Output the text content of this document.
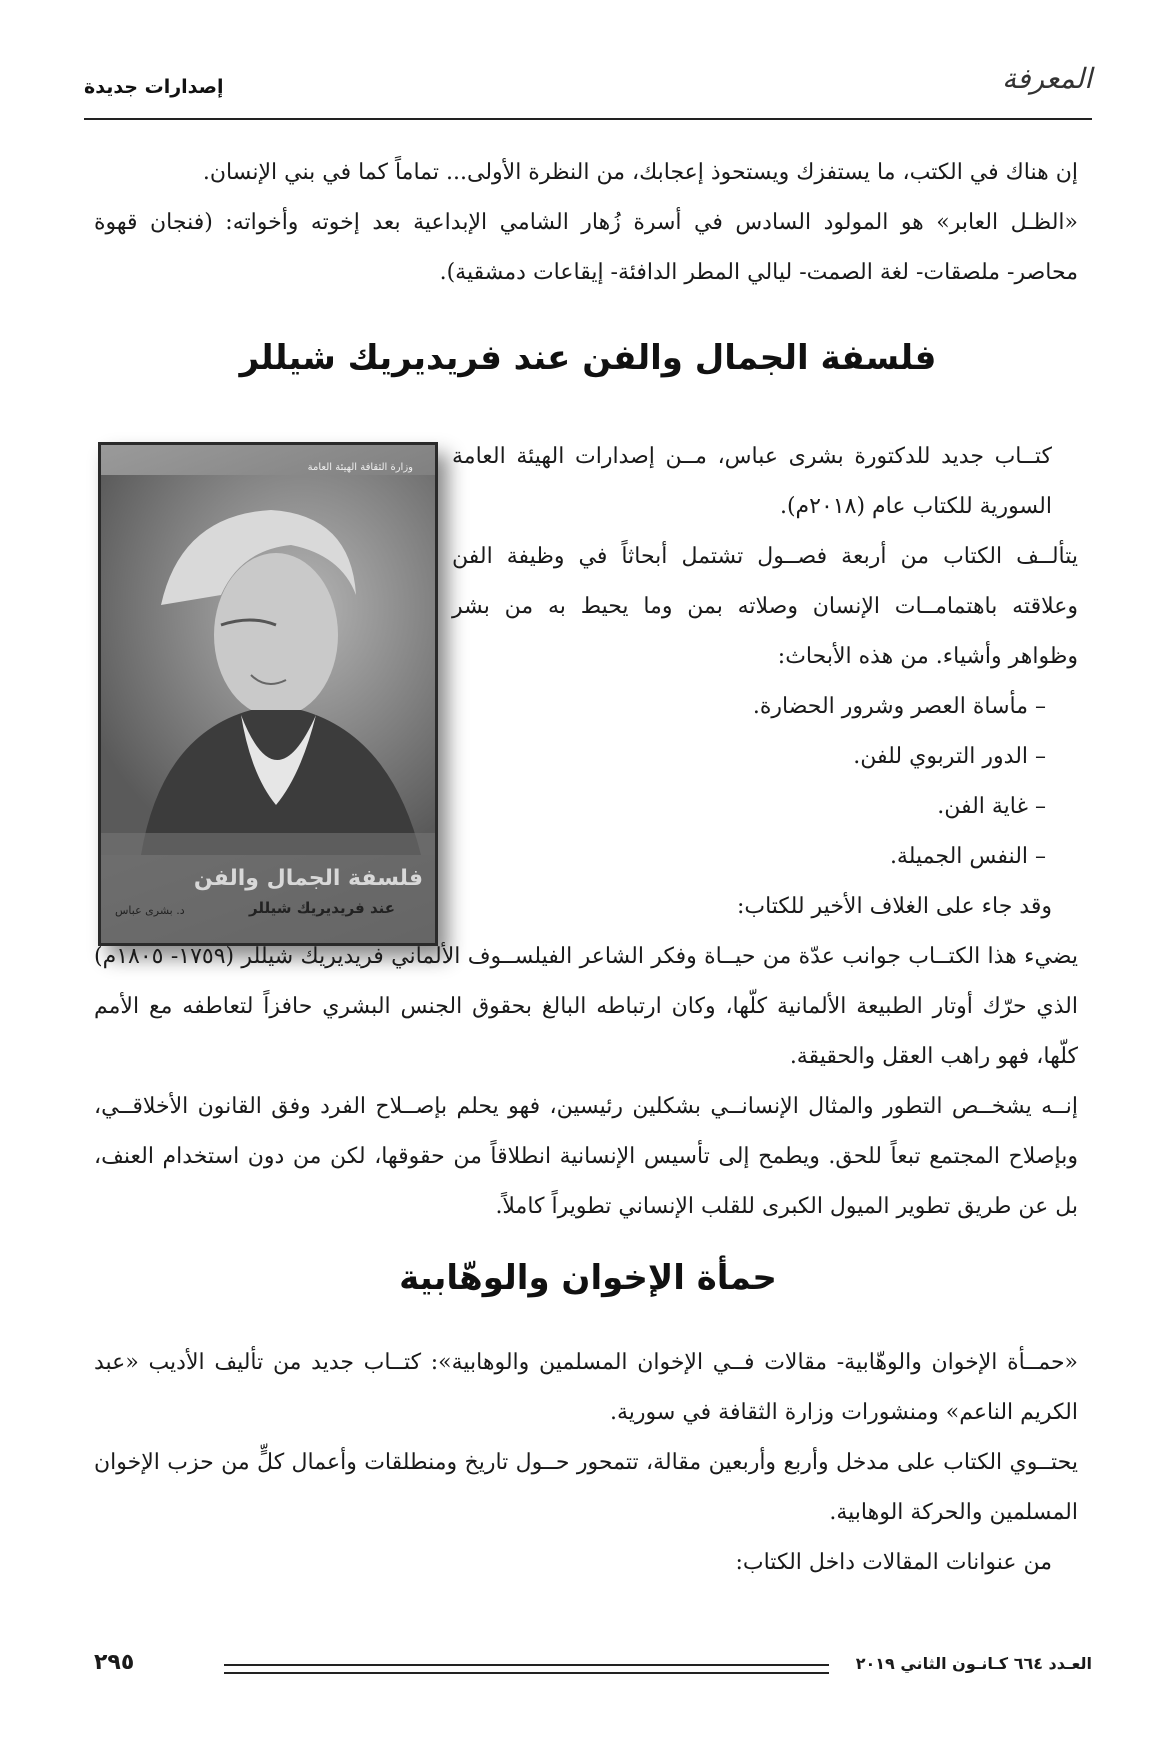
المعرفة
إصدارات جديدة

إن هناك في الكتب، ما يستفزك ويستحوذ إعجابك، من النظرة الأولى... تماماً كما في بني الإنسان.

«الظـل العابر» هو المولود السادس في أسرة زُهار الشامي الإبداعية بعد إخوته وأخواته: (فنجان قهوة محاصر- ملصقات- لغة الصمت- ليالي المطر الدافئة- إيقاعات دمشقية).

فلسفة الجمال والفن عند فريديريك شيللر
وزارة الثقافة الهيئة العامة
فلسفة الجمال والفن
عند فريديريك شيللر
د. بشرى عباس

كتــاب جديد للدكتورة بشرى عباس، مــن إصدارات الهيئة العامة السورية للكتاب عام (٢٠١٨م).

يتألــف الكتاب من أربعة فصــول تشتمل أبحاثاً في وظيفة الفن وعلاقته باهتمامــات الإنسان وصلاته بمن وما يحيط به من بشر وظواهر وأشياء. من هذه الأبحاث:

– مأساة العصر وشرور الحضارة.

– الدور التربوي للفن.

– غاية الفن.

– النفس الجميلة.

وقد جاء على الغلاف الأخير للكتاب:

يضيء هذا الكتــاب جوانب عدّة من حيــاة وفكر الشاعر الفيلســوف الألماني فريديريك شيللر (١٧٥٩- ١٨٠٥م) الذي حرّك أوتار الطبيعة الألمانية كلّها، وكان ارتباطه البالغ بحقوق الجنس البشري حافزاً لتعاطفه مع الأمم كلّها، فهو راهب العقل والحقيقة.

إنــه يشخــص التطور والمثال الإنسانــي بشكلين رئيسين، فهو يحلم بإصــلاح الفرد وفق القانون الأخلاقــي، وبإصلاح المجتمع تبعاً للحق. ويطمح إلى تأسيس الإنسانية انطلاقاً من حقوقها، لكن من دون استخدام العنف، بل عن طريق تطوير الميول الكبرى للقلب الإنساني تطويراً كاملاً.

حمأة الإخوان والوهّابية

«حمــأة الإخوان والوهّابية- مقالات فــي الإخوان المسلمين والوهابية»: كتــاب جديد من تأليف الأديب «عبد الكريم الناعم» ومنشورات وزارة الثقافة في سورية.

يحتــوي الكتاب على مدخل وأربع وأربعين مقالة، تتمحور حــول تاريخ ومنطلقات وأعمال كلٍّ من حزب الإخوان المسلمين والحركة الوهابية.

من عنوانات المقالات داخل الكتاب:

العـدد ٦٦٤ كـانـون الثاني ٢٠١٩
٢٩٥
